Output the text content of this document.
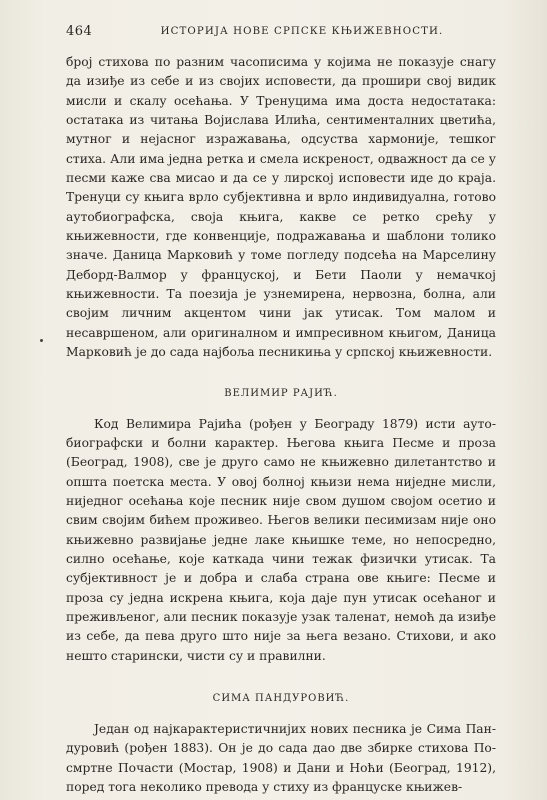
464	ИСТОРИЈА НОВЕ СРПСКЕ КЊИЖЕВНОСТИ.

број стихова по разним часописима у којима не показује снагу да изиђе из себе и из својих исповести, да прошири свој видик мисли и скалу осећања. У Тренуцима има доста недостатака: остатака из читања Војислава Илића, сентименталних цветића, мутног и нејасног изражавања, одсуства хармоније, тешког стиха. Али има једна ретка и смела искреност, одважност да се у песми каже сва мисао и да се у лирској исповести иде до краја. Тренуци су књига врло субјективна и врло индивидуална, готово аутобиографска, своја књига, какве се ретко срећу у књижевности, где конвенције, подражавања и шаблони толико значе. Даница Марковић у томе погледу подсећа на Марселину Деборд-Валмор у француској, и Бети Паоли у немачкој књижевности. Та поезија је узнемирена, нервозна, болна, али својим личним акцентом чини јак утисак. Том малом и несавршеном, али оригиналном и импресивном књигом, Даница Марковић је до сада најбоља песникиња у српској књижевности.

ВЕЛИМИР РАЈИЋ.

Код Велимира Рајића (рођен у Београду 1879) исти аутобиографски и болни карактер. Његова књига Песме и проза (Београд, 1908), све је друго само не књижевно дилетантство и општа поетска места. У овој болној књизи нема ниједне мисли, ниједног осећања које песник није свом душом својом осетио и свим својим бићем проживео. Његов велики песимизам није оно књижевно развијање једне лаке књишке теме, но непосредно, силно осећање, које каткада чини тежак физички утисак. Та субјективност је и добра и слаба страна ове књиге: Песме и проза су једна искрена књига, која даје пун утисак осећаног и преживљеног, али песник показује узак таленат, немоћ да изиђе из себе, да пева друго што није за њега везано. Стихови, и ако нешто старински, чисти су и правилни.

СИМА ПАНДУРОВИЋ.

Један од најкарактеристичнијих нових песника је Сима Пандуровић (рођен 1883). Он је до сада дао две збирке стихова Посмртне Почасти (Мостар, 1908) и Дани и Ноћи (Београд, 1912), поред тога неколико превода у стиху из француске књижев-
